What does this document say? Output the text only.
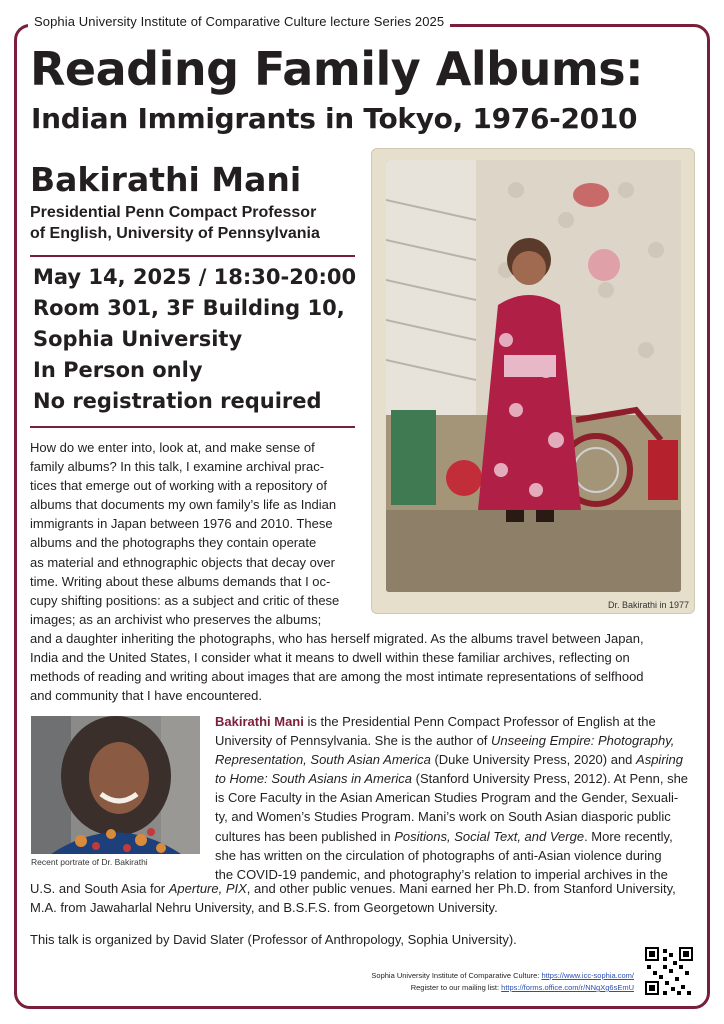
Sophia University Institute of Comparative Culture lecture Series 2025
Reading Family Albums:
Indian Immigrants in Tokyo, 1976-2010
Bakirathi Mani
Presidential Penn Compact Professor
of English, University of Pennsylvania
May 14, 2025 / 18:30-20:00
Room 301, 3F Building 10,
Sophia University
In Person only
No registration required
Dr. Bakirathi in 1977
How do we enter into, look at, and make sense of
family albums? In this talk, I examine archival prac-
tices that emerge out of working with a repository of
albums that documents my own family’s life as Indian
immigrants in Japan between 1976 and 2010. These
albums and the photographs they contain operate
as material and ethnographic objects that decay over
time. Writing about these albums demands that I oc-
cupy shifting positions: as a subject and critic of these
images; as an archivist who preserves the albums;
and a daughter inheriting the photographs, who has herself migrated. As the albums travel between Japan,
India and the United States, I consider what it means to dwell within these familiar archives, reflecting on
methods of reading and writing about images that are among the most intimate representations of selfhood
and community that I have encountered.
Recent portrate of Dr. Bakirathi
Bakirathi Mani is the Presidential Penn Compact Professor of English at the
University of Pennsylvania. She is the author of Unseeing Empire: Photography,
Representation, South Asian America (Duke University Press, 2020) and Aspiring
to Home: South Asians in America (Stanford University Press, 2012). At Penn, she
is Core Faculty in the Asian American Studies Program and the Gender, Sexuali-
ty, and Women’s Studies Program. Mani’s work on South Asian diasporic public
cultures has been published in Positions, Social Text, and Verge. More recently,
she has written on the circulation of photographs of anti-Asian violence during
the COVID-19 pandemic, and photography’s relation to imperial archives in the
U.S. and South Asia for Aperture, PIX, and other public venues. Mani earned her Ph.D. from Stanford University,
M.A. from Jawaharlal Nehru University, and B.S.F.S. from Georgetown University.
This talk is organized by David Slater (Professor of Anthropology, Sophia University).
Sophia University Institute of Comparative Culture: https://www.icc-sophia.com/
Register to our mailing list: https://forms.office.com/r/NNgXg6sEmU
